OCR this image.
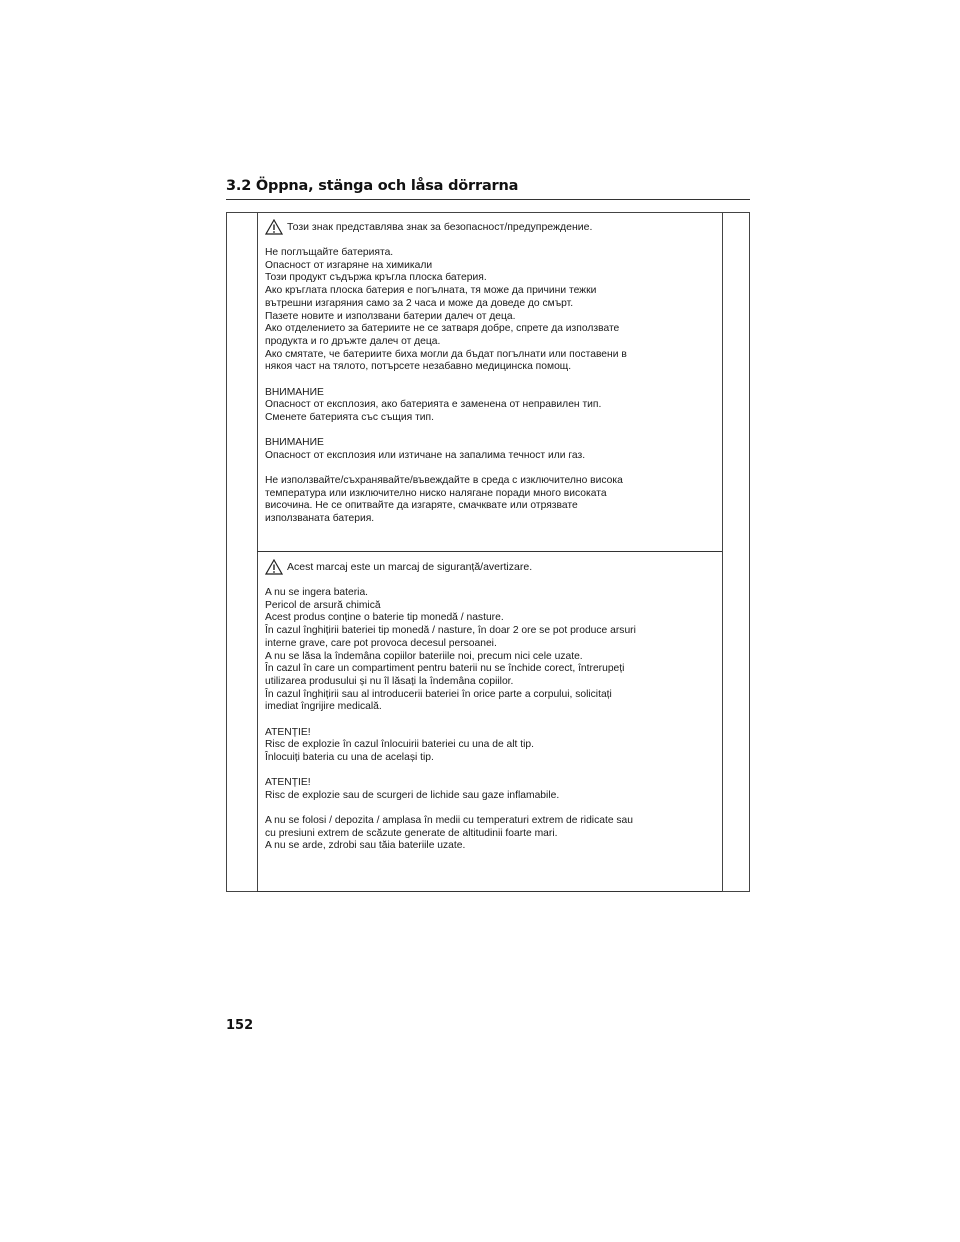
3.2 Öppna, stänga och låsa dörrarna
Този знак представлява знак за безопасност/предупреждение.
Не поглъщайте батерията.
Опасност от изгаряне на химикали
Този продукт съдържа кръгла плоска батерия.
Ако кръглата плоска батерия е погълната, тя може да причини тежки
вътрешни изгаряния само за 2 часа и може да доведе до смърт.
Пазете новите и използвани батерии далеч от деца.
Ако отделението за батериите не се затваря добре, спрете да използвате
продукта и го дръжте далеч от деца.
Ако смятате, че батериите биха могли да бъдат погълнати или поставени в
някоя част на тялото, потърсете незабавно медицинска помощ.
ВНИМАНИЕ
Опасност от експлозия, ако батерията е заменена от неправилен тип.
Сменете батерията със същия тип.
ВНИМАНИЕ
Опасност от експлозия или изтичане на запалима течност или газ.
Не използвайте/съхранявайте/въвеждайте в среда с изключително висока
температура или изключително ниско налягане поради много високата
височина. Не се опитвайте да изгаряте, смачквате или отрязвате
използваната батерия.
Acest marcaj este un marcaj de siguranță/avertizare.
A nu se ingera bateria.
Pericol de arsură chimică
Acest produs conține o baterie tip monedă / nasture.
În cazul înghițirii bateriei tip monedă / nasture, în doar 2 ore se pot produce arsuri
interne grave, care pot provoca decesul persoanei.
A nu se lăsa la îndemâna copiilor bateriile noi, precum nici cele uzate.
În cazul în care un compartiment pentru baterii nu se închide corect, întrerupeți
utilizarea produsului și nu îl lăsați la îndemâna copiilor.
În cazul înghițirii sau al introducerii bateriei în orice parte a corpului, solicitați
imediat îngrijire medicală.
ATENȚIE!
Risc de explozie în cazul înlocuirii bateriei cu una de alt tip.
Înlocuiți bateria cu una de același tip.
ATENȚIE!
Risc de explozie sau de scurgeri de lichide sau gaze inflamabile.
A nu se folosi / depozita / amplasa în medii cu temperaturi extrem de ridicate sau
cu presiuni extrem de scăzute generate de altitudinii foarte mari.
A nu se arde, zdrobi sau tăia bateriile uzate.
152
